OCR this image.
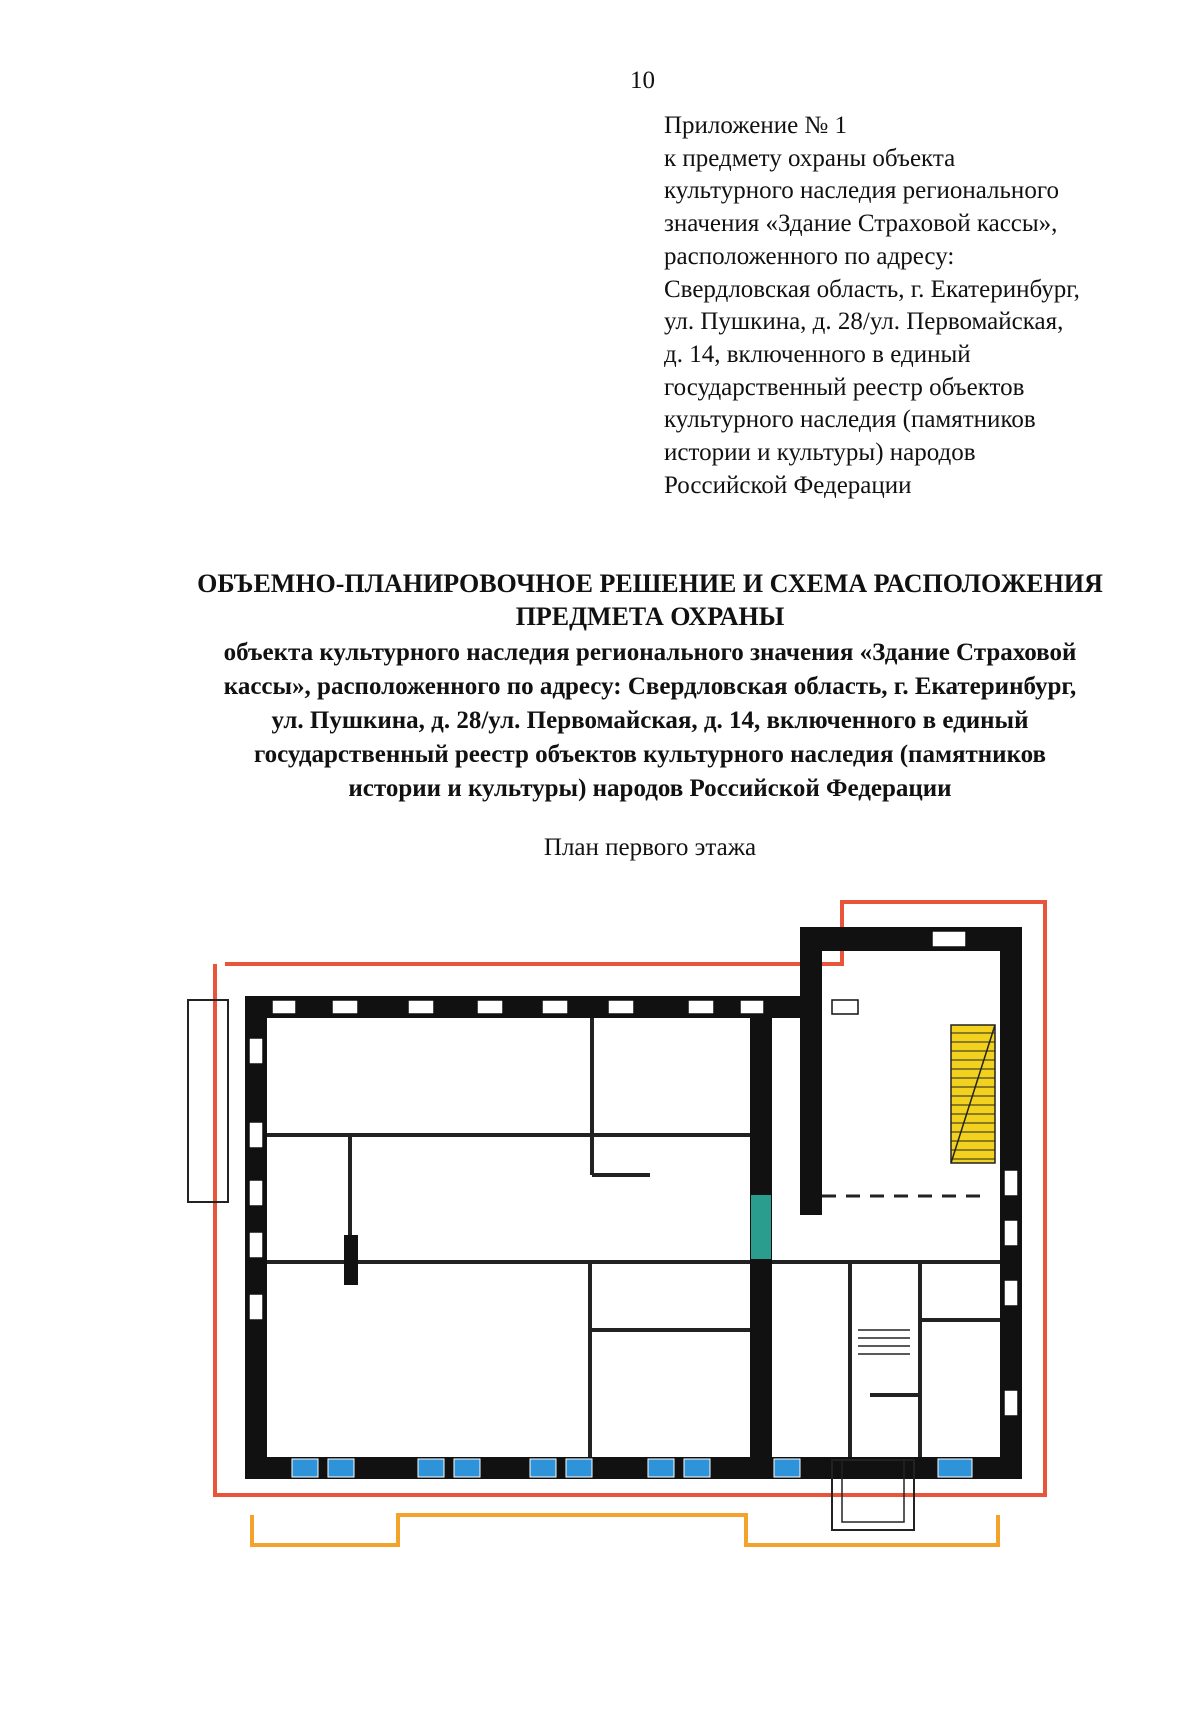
10
Приложение № 1
к предмету охраны объекта
культурного наследия регионального
значения «Здание Страховой кассы»,
расположенного по адресу:
Свердловская область, г. Екатеринбург,
ул. Пушкина, д. 28/ул. Первомайская,
д. 14, включенного в единый
государственный реестр объектов
культурного наследия (памятников
истории и культуры) народов
Российской Федерации
ОБЪЕМНО-ПЛАНИРОВОЧНОЕ РЕШЕНИЕ И СХЕМА РАСПОЛОЖЕНИЯ
ПРЕДМЕТА ОХРАНЫ
объекта культурного наследия регионального значения «Здание Страховой
кассы», расположенного по адресу: Свердловская область, г. Екатеринбург,
ул. Пушкина, д. 28/ул. Первомайская, д. 14, включенного в единый
государственный реестр объектов культурного наследия (памятников
истории и культуры) народов Российской Федерации
План первого этажа
